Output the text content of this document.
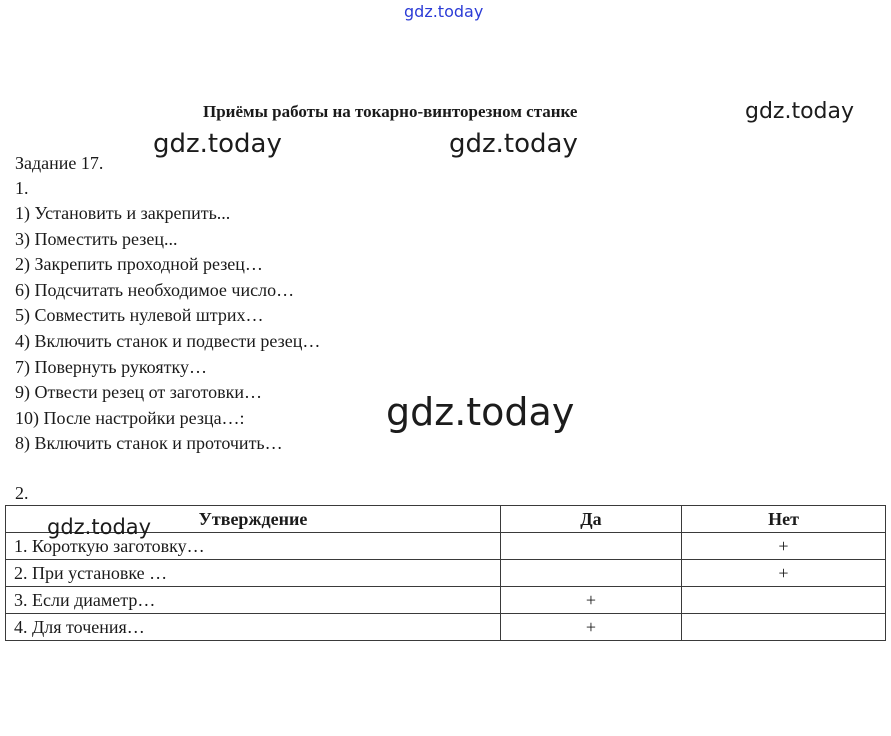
gdz.today
gdz.today
gdz.today	gdz.today
Приёмы работы на токарно-винторезном станке
Задание 17.
1.
1) Установить и закрепить...
3) Поместить резец...
2) Закрепить проходной резец…
6) Подсчитать необходимое число…
5) Совместить нулевой штрих…
4) Включить станок и подвести резец…
7) Повернуть рукоятку…
9) Отвести резец от заготовки…
10) После настройки резца…:
8) Включить станок и проточить…
gdz.today
2.
Утверждение	Да	Нет
1. Короткую заготовку…		+
2. При установке …		+
3. Если диаметр…	+	
4. Для точения…	+	
gdz.today
